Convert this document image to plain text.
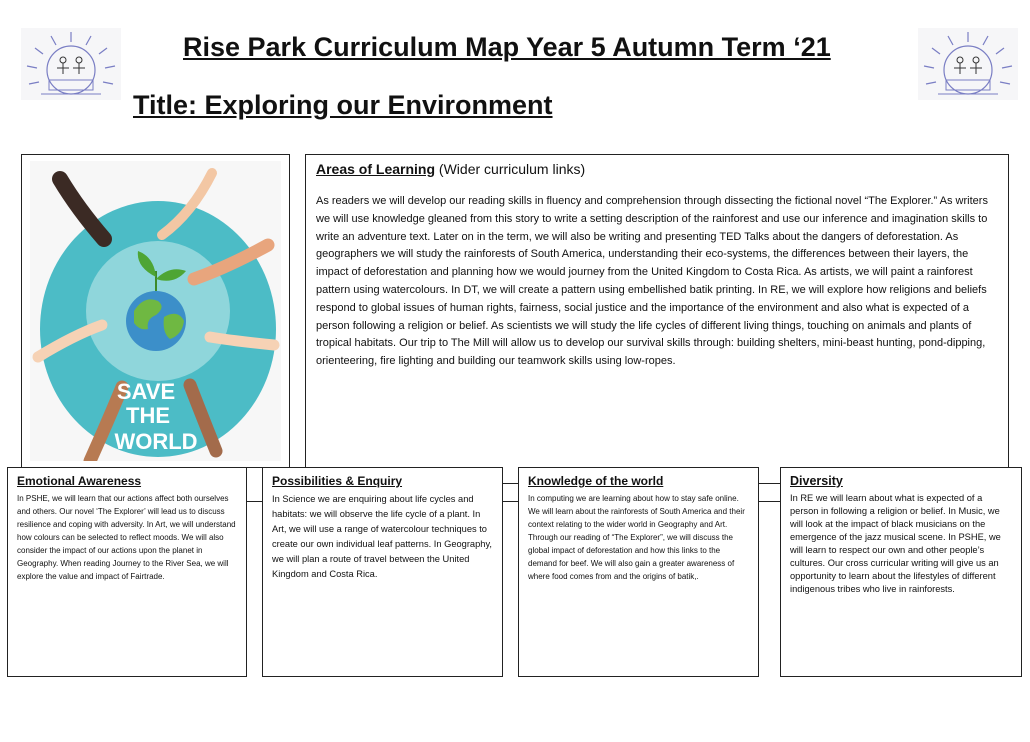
Rise Park Curriculum Map Year 5 Autumn Term ‘21
Title: Exploring our Environment
SAVE
THE
WORLD
Areas of Learning (Wider curriculum links)

As readers we will develop our reading skills in fluency and comprehension through dissecting the fictional novel “The Explorer.” As writers we will use knowledge gleaned from this story to write a setting description of the rainforest and use our inference and imagination skills to write an adventure text. Later on in the term, we will also be writing and presenting TED Talks about the dangers of deforestation. As geographers we will study the rainforests of South America, understanding their eco-systems, the differences between their layers, the impact of deforestation and planning how we would journey from the United Kingdom to Costa Rica. As artists, we will paint a rainforest pattern using watercolours. In DT, we will create a pattern using embellished batik printing. In RE, we will explore how religions and beliefs respond to global issues of human rights, fairness, social justice and the importance of the environment and also what is expected of a person following a religion or belief. As scientists we will study the life cycles of different living things, touching on animals and plants of tropical habitats. Our trip to The Mill will allow us to develop our survival skills through: building shelters, mini-beast hunting, pond-dipping, orienteering, fire lighting and building our teamwork skills using low-ropes.

Emotional Awareness

In PSHE, we will learn that our actions affect both ourselves and others. Our novel ‘The Explorer’ will lead us to discuss resilience and coping with adversity. In Art, we will understand how colours can be selected to reflect moods. We will also consider the impact of our actions upon the planet in Geography. When reading Journey to the River Sea, we will explore the value and impact of Fairtrade.

Possibilities & Enquiry

In Science we are enquiring about life cycles and habitats: we will observe the life cycle of a plant. In Art, we will use a range of watercolour techniques to create our own individual leaf patterns. In Geography, we will plan a route of travel between the United Kingdom and Costa Rica.

Knowledge of the world

In computing we are learning about how to stay safe online. We will learn about the rainforests of South America and their context relating to the wider world in Geography and Art. Through our reading of “The Explorer”, we will discuss the global impact of deforestation and how this links to the demand for beef. We will also gain a greater awareness of where food comes from and the origins of batik,.

Diversity

In RE we will learn about what is expected of a person in following a religion or belief. In Music, we will look at the impact of black musicians on the emergence of the jazz musical scene. In PSHE, we will learn to respect our own and other people’s cultures. Our cross curricular writing will give us an opportunity to learn about the lifestyles of different indigenous tribes who live in rainforests.
